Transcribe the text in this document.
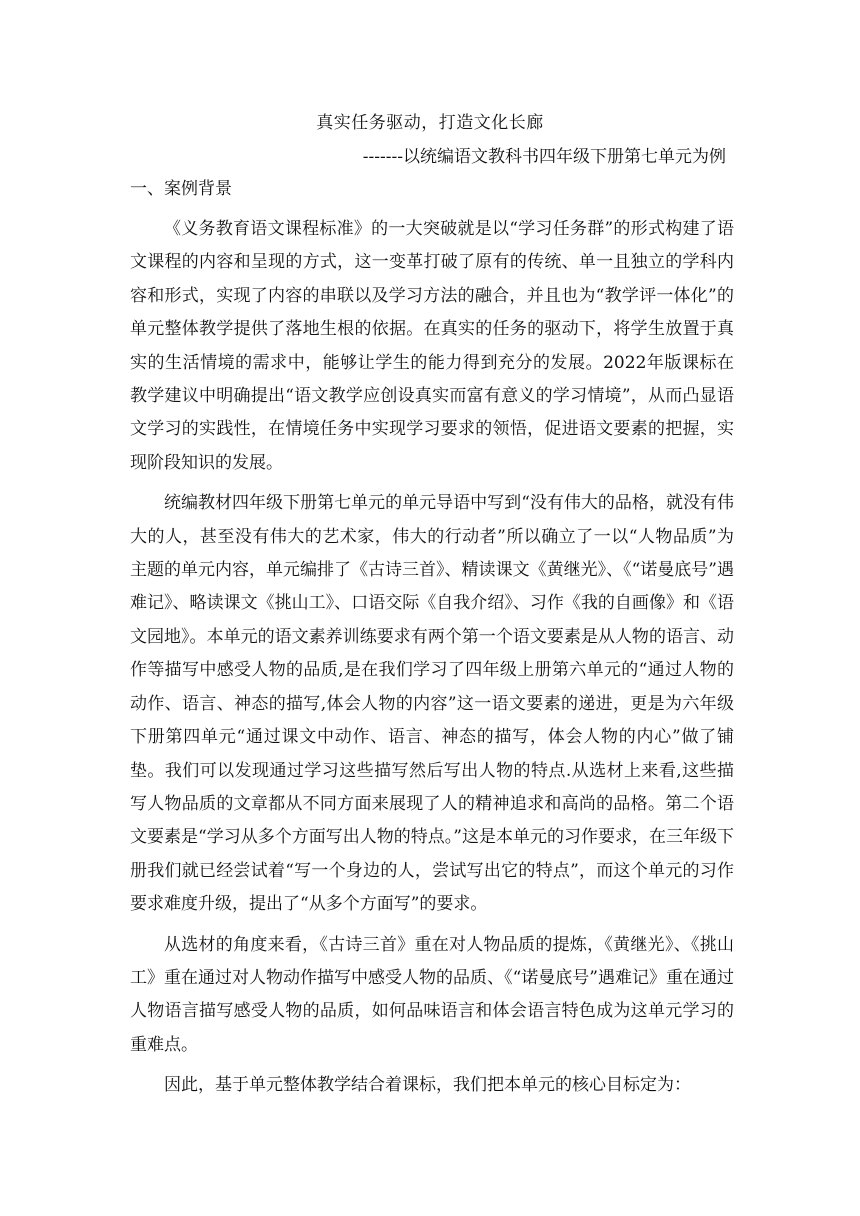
真实任务驱动，打造文化长廊
-------以统编语文教科书四年级下册第七单元为例
一、案例背景

《义务教育语文课程标准》的一大突破就是以“学习任务群”的形式构建了语文课程的内容和呈现的方式，这一变革打破了原有的传统、单一且独立的学科内容和形式，实现了内容的串联以及学习方法的融合，并且也为“教学评一体化”的单元整体教学提供了落地生根的依据。在真实的任务的驱动下，将学生放置于真实的生活情境的需求中，能够让学生的能力得到充分的发展。2022年版课标在教学建议中明确提出“语文教学应创设真实而富有意义的学习情境”，从而凸显语文学习的实践性，在情境任务中实现学习要求的领悟，促进语文要素的把握，实现阶段知识的发展。

统编教材四年级下册第七单元的单元导语中写到“没有伟大的品格，就没有伟大的人，甚至没有伟大的艺术家，伟大的行动者”所以确立了一以“人物品质”为主题的单元内容，单元编排了《古诗三首》、精读课文《黄继光》、《“诺曼底号”遇难记》、略读课文《挑山工》、口语交际《自我介绍》、习作《我的自画像》和《语文园地》。本单元的语文素养训练要求有两个第一个语文要素是从人物的语言、动作等描写中感受人物的品质,是在我们学习了四年级上册第六单元的“通过人物的动作、语言、神态的描写,体会人物的内容”这一语文要素的递进，更是为六年级下册第四单元“通过课文中动作、语言、神态的描写，体会人物的内心”做了铺垫。我们可以发现通过学习这些描写然后写出人物的特点.从选材上来看,这些描写人物品质的文章都从不同方面来展现了人的精神追求和高尚的品格。第二个语文要素是“学习从多个方面写出人物的特点。”这是本单元的习作要求，在三年级下册我们就已经尝试着“写一个身边的人，尝试写出它的特点”，而这个单元的习作要求难度升级，提出了“从多个方面写”的要求。

从选材的角度来看，《古诗三首》重在对人物品质的提炼，《黄继光》、《挑山工》重在通过对人物动作描写中感受人物的品质、《“诺曼底号”遇难记》重在通过人物语言描写感受人物的品质，如何品味语言和体会语言特色成为这单元学习的重难点。

因此，基于单元整体教学结合着课标，我们把本单元的核心目标定为：
